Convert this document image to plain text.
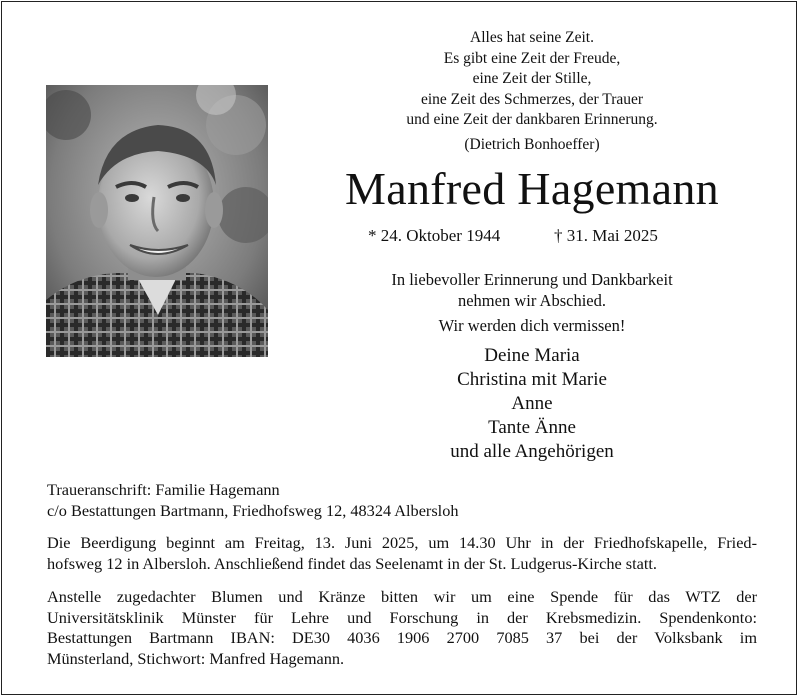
Alles hat seine Zeit.
Es gibt eine Zeit der Freude,
eine Zeit der Stille,
eine Zeit des Schmerzes, der Trauer
und eine Zeit der dankbaren Erinnerung.
(Dietrich Bonhoeffer)
Manfred Hagemann
* 24. Oktober 1944	† 31. Mai 2025
In liebevoller Erinnerung und Dankbarkeit
nehmen wir Abschied.
Wir werden dich vermissen!
Deine Maria
Christina mit Marie
Anne
Tante Änne
und alle Angehörigen
Traueranschrift: Familie Hagemann
c/o Bestattungen Bartmann, Friedhofsweg 12, 48324 Albersloh
Die Beerdigung beginnt am Freitag, 13. Juni 2025, um 14.30 Uhr in der Friedhofskapelle, Fried-
hofsweg 12 in Albersloh. Anschließend findet das Seelenamt in der St. Ludgerus-Kirche statt.
Anstelle zugedachter Blumen und Kränze bitten wir um eine Spende für das WTZ der
Universitätsklinik Münster für Lehre und Forschung in der Krebsmedizin. Spendenkonto:
Bestattungen Bartmann IBAN: DE30 4036 1906 2700 7085 37 bei der Volksbank im
Münsterland, Stichwort: Manfred Hagemann.
